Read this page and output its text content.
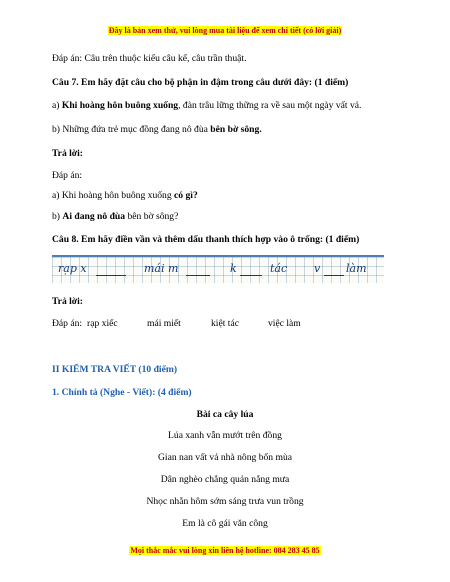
Đây là bản xem thử, vui lòng mua tài liệu để xem chi tiết (có lời giải)
Đáp án: Câu trên thuộc kiểu câu kể, câu trần thuật.
Câu 7. Em hãy đặt câu cho bộ phận in đậm trong câu dưới đây: (1 điểm)
a) Khi hoàng hôn buông xuống, đàn trâu lững thững ra về sau một ngày vất vả.
b) Những đứa trẻ mục đồng đang nô đùa bên bờ sông.
Trả lời:
Đáp án:
a) Khi hoàng hôn buông xuống có gì?
b) Ai đang nô đùa bên bờ sông?
Câu 8. Em hãy điền vần và thêm dấu thanh thích hợp vào ô trống: (1 điểm)
rạp x	mái m	k	tác v làm
Trả lời:
Đáp án: rạp xiếc	mái miết	kiệt tác	việc làm
II KIỂM TRA VIẾT (10 điểm)
1. Chính tả (Nghe - Viết): (4 điểm)
Bài ca cây lúa
Lúa xanh vẫn mướt trên đồng
Gian nan vất vả nhà nông bốn mùa
Dân nghèo chẳng quản nắng mưa
Nhọc nhằn hôm sớm sáng trưa vun trồng
Em là cô gái văn công
Mọi thắc mắc vui lòng xin liên hệ hotline: 084 283 45 85
